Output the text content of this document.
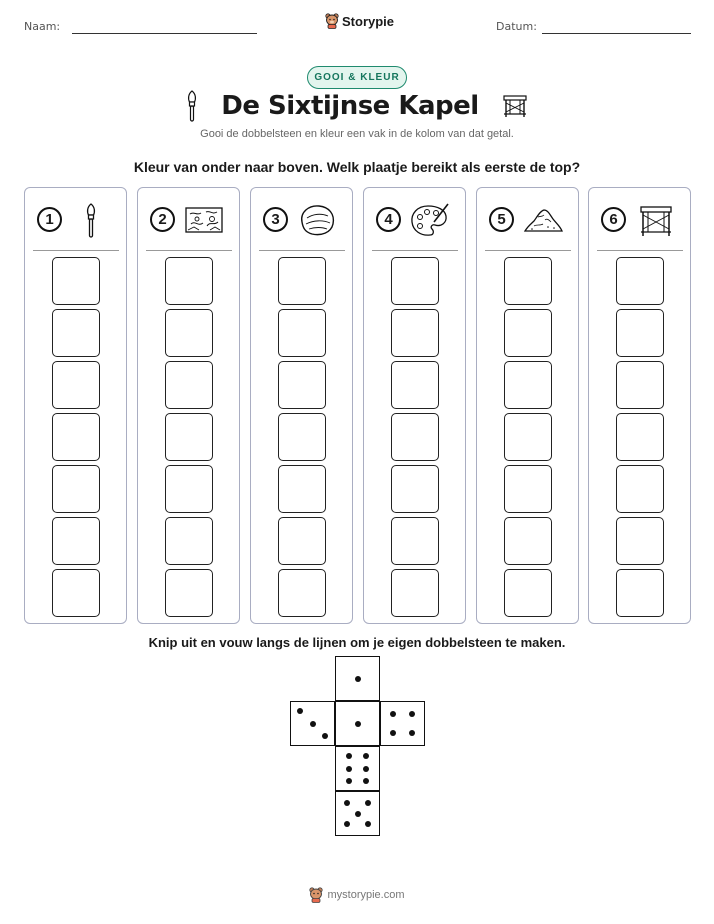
Naam:	Storypie	Datum:
GOOI & KLEUR
De Sixtijnse Kapel
Gooi de dobbelsteen en kleur een vak in de kolom van dat getal.
Kleur van onder naar boven. Welk plaatje bereikt als eerste de top?
1	2	3	4	5	6
Knip uit en vouw langs de lijnen om je eigen dobbelsteen te maken.
mystorypie.com
